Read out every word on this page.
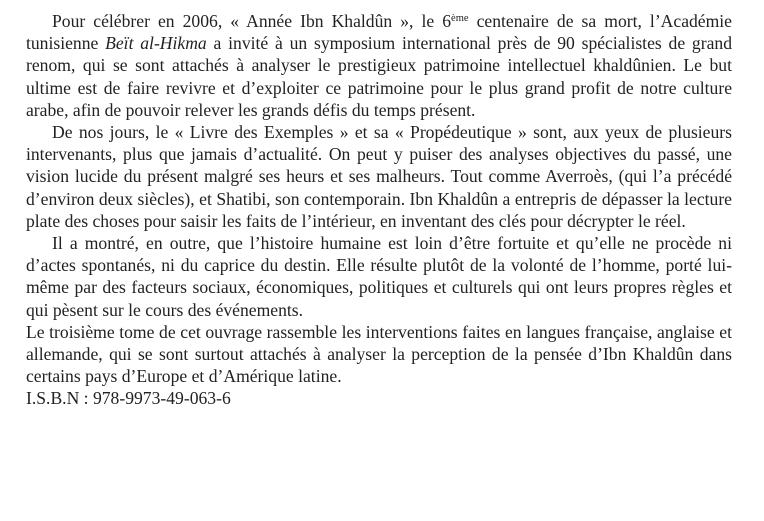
Pour célébrer en 2006, « Année Ibn Khaldûn », le 6ème centenaire de sa mort, l’Académie tunisienne Beït al-Hikma a invité à un symposium international près de 90 spécialistes de grand renom, qui se sont attachés à analyser le prestigieux patrimoine intellectuel khaldûnien. Le but ultime est de faire revivre et d’exploiter ce patrimoine pour le plus grand profit de notre culture arabe, afin de pouvoir relever les grands défis du temps présent.

De nos jours, le « Livre des Exemples » et sa « Propédeutique » sont, aux yeux de plusieurs intervenants, plus que jamais d’actualité. On peut y puiser des analyses objectives du passé, une vision lucide du présent malgré ses heurs et ses malheurs. Tout comme Averroès, (qui l’a précédé d’environ deux siècles), et Shatibi, son contemporain. Ibn Khaldûn a entrepris de dépasser la lecture plate des choses pour saisir les faits de l’intérieur, en inventant des clés pour décrypter le réel.

Il a montré, en outre, que l’histoire humaine est loin d’être fortuite et qu’elle ne procède ni d’actes spontanés, ni du caprice du destin. Elle résulte plutôt de la volonté de l’homme, porté lui-même par des facteurs sociaux, économiques, politiques et culturels qui ont leurs propres règles et qui pèsent sur le cours des événements.

Le troisième tome de cet ouvrage rassemble les interventions faites en langues française, anglaise et allemande, qui se sont surtout attachés à analyser la perception de la pensée d’Ibn Khaldûn dans certains pays d’Europe et d’Amérique latine.

I.S.B.N : 978-9973-49-063-6
